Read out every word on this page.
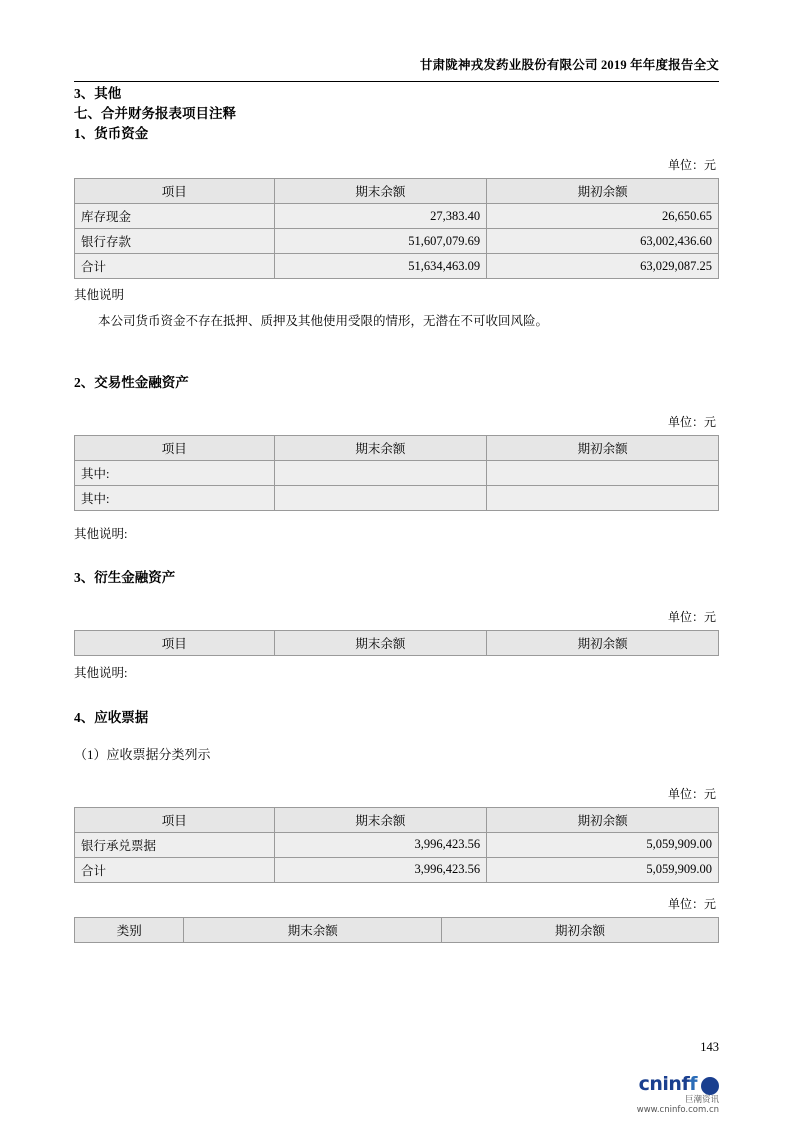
甘肃陇神戎发药业股份有限公司 2019 年年度报告全文
3、其他
七、合并财务报表项目注释
1、货币资金
单位：元
项目	期末余额	期初余额
库存现金	27,383.40	26,650.65
银行存款	51,607,079.69	63,002,436.60
合计	51,634,463.09	63,029,087.25
其他说明
本公司货币资金不存在抵押、质押及其他使用受限的情形，无潜在不可收回风险。
2、交易性金融资产
单位：元
项目	期末余额	期初余额
其中:		
其中:		
其他说明:
3、衍生金融资产
单位：元
项目	期末余额	期初余额
其他说明:
4、应收票据
（1）应收票据分类列示
单位：元
项目	期末余额	期初余额
银行承兑票据	3,996,423.56	5,059,909.00
合计	3,996,423.56	5,059,909.00
单位：元
类别	期末余额	期初余额
143
cninff
巨潮资讯
www.cninfo.com.cn
